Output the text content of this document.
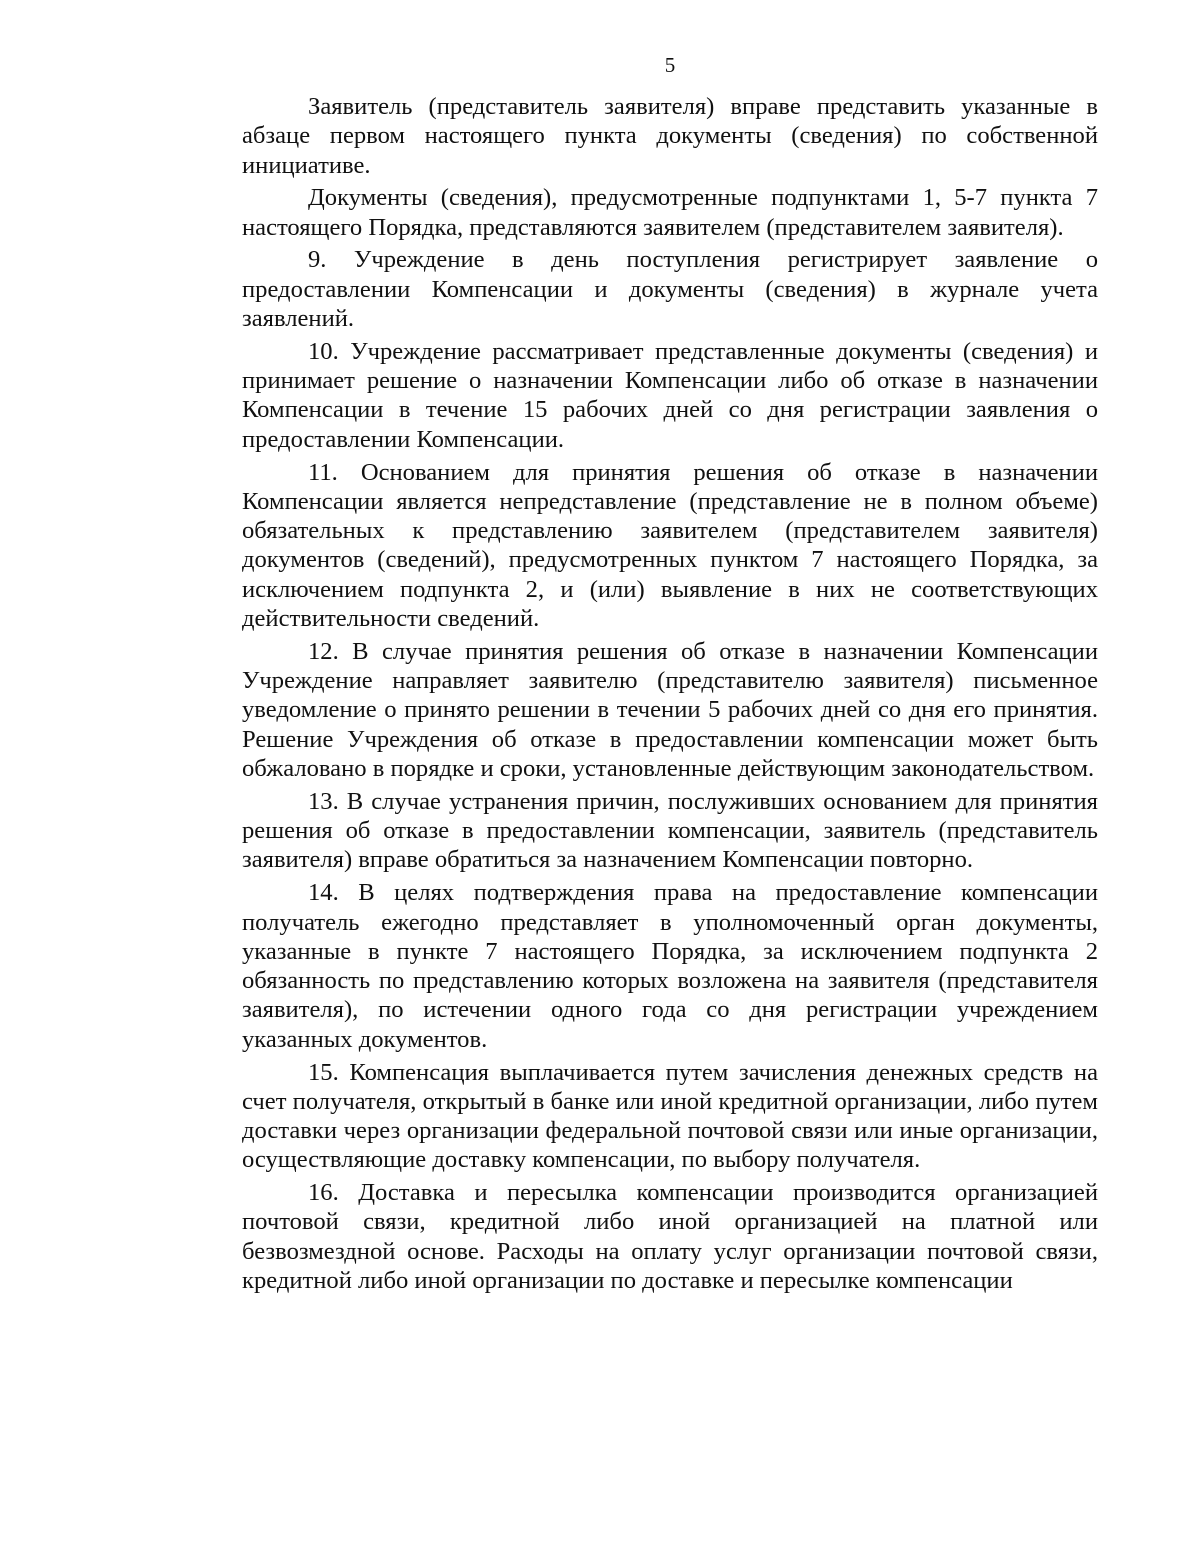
5

Заявитель (представитель заявителя) вправе представить указанные в абзаце первом настоящего пункта документы (сведения) по собственной инициативе.

Документы (сведения), предусмотренные подпунктами 1, 5-7 пункта 7 настоящего Порядка, представляются заявителем (представителем заявителя).

9. Учреждение в день поступления регистрирует заявление о предоставлении Компенсации и документы (сведения) в журнале учета заявлений.

10. Учреждение рассматривает представленные документы (сведения) и принимает решение о назначении Компенсации либо об отказе в назначении Компенсации в течение 15 рабочих дней со дня регистрации заявления о предоставлении Компенсации.

11. Основанием для принятия решения об отказе в назначении Компенсации является непредставление (представление не в полном объеме) обязательных к представлению заявителем (представителем заявителя) документов (сведений), предусмотренных пунктом 7 настоящего Порядка, за исключением подпункта 2, и (или) выявление в них не соответствующих действительности сведений.

12. В случае принятия решения об отказе в назначении Компенсации Учреждение направляет заявителю (представителю заявителя) письменное уведомление о принято решении в течении 5 рабочих дней со дня его принятия. Решение Учреждения об отказе в предоставлении компенсации может быть обжаловано в порядке и сроки, установленные действующим законодательством.

13. В случае устранения причин, послуживших основанием для принятия решения об отказе в предоставлении компенсации, заявитель (представитель заявителя) вправе обратиться за назначением Компенсации повторно.

14. В целях подтверждения права на предоставление компенсации получатель ежегодно представляет в уполномоченный орган документы, указанные в пункте 7 настоящего Порядка, за исключением подпункта 2 обязанность по представлению которых возложена на заявителя (представителя заявителя), по истечении одного года со дня регистрации учреждением указанных документов.

15. Компенсация выплачивается путем зачисления денежных средств на счет получателя, открытый в банке или иной кредитной организации, либо путем доставки через организации федеральной почтовой связи или иные организации, осуществляющие доставку компенсации, по выбору получателя.

16. Доставка и пересылка компенсации производится организацией почтовой связи, кредитной либо иной организацией на платной или безвозмездной основе. Расходы на оплату услуг организации почтовой связи, кредитной либо иной организации по доставке и пересылке компенсации
